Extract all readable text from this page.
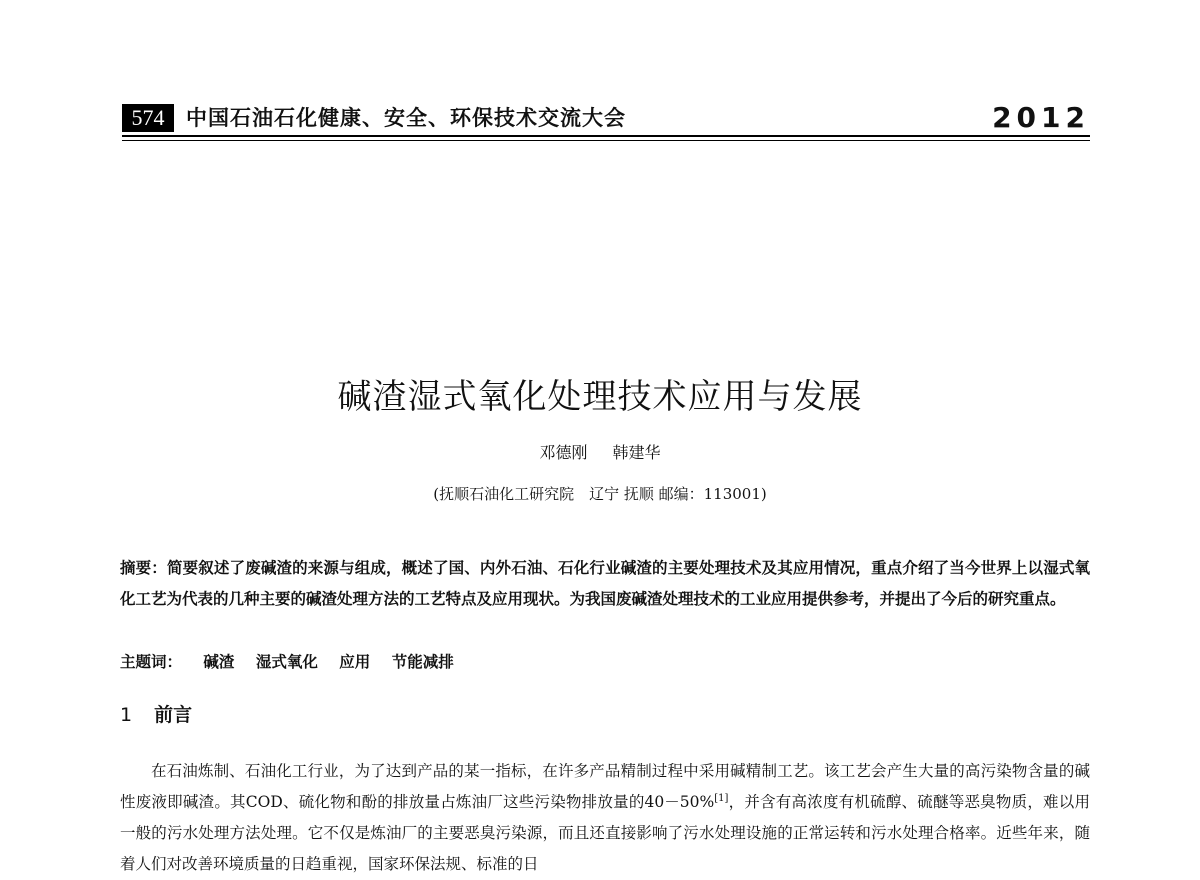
574	中国石油石化健康、安全、环保技术交流大会	2012
碱渣湿式氧化处理技术应用与发展
邓德刚 韩建华
(抚顺石油化工研究院　辽宁 抚顺 邮编：113001)
摘要：简要叙述了废碱渣的来源与组成，概述了国、内外石油、石化行业碱渣的主要处理技术及其应用情况，重点介绍了当今世界上以湿式氧化工艺为代表的几种主要的碱渣处理方法的工艺特点及应用现状。为我国废碱渣处理技术的工业应用提供参考，并提出了今后的研究重点。
主题词： 碱渣 湿式氧化 应用 节能减排
1 前言

在石油炼制、石油化工行业，为了达到产品的某一指标，在许多产品精制过程中采用碱精制工艺。该工艺会产生大量的高污染物含量的碱性废液即碱渣。其COD、硫化物和酚的排放量占炼油厂这些污染物排放量的40－50%[1]，并含有高浓度有机硫醇、硫醚等恶臭物质，难以用一般的污水处理方法处理。它不仅是炼油厂的主要恶臭污染源，而且还直接影响了污水处理设施的正常运转和污水处理合格率。近些年来，随着人们对改善环境质量的日趋重视，国家环保法规、标准的日
